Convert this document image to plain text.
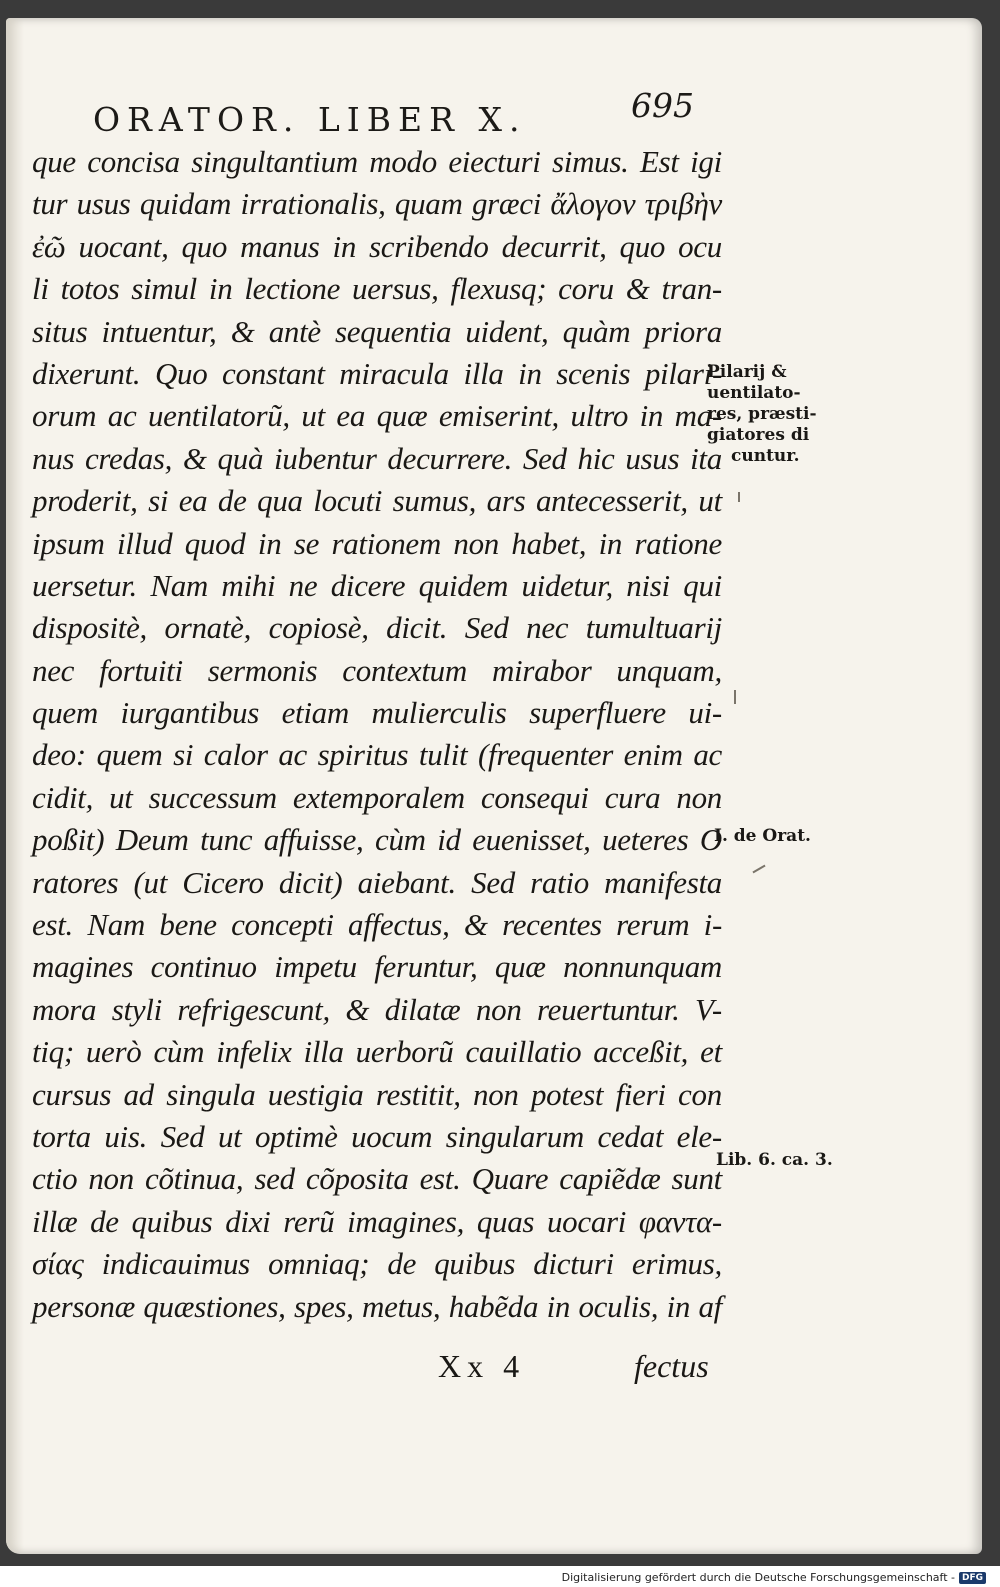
ORATOR. LIBER X.	695
que concisa singultantium modo eiecturi simus. Est igi
tur usus quidam irrationalis, quam græci ἄλογον τριβὴν
ἐῶ uocant, quo manus in scribendo decurrit, quo ocu
li totos simul in lectione uersus, flexusq; coru & tran-
situs intuentur, & antè sequentia uident, quàm priora
dixerunt. Quo constant miracula illa in scenis pilari-
orum ac uentilatorũ, ut ea quæ emiserint, ultro in ma-
nus credas, & quà iubentur decurrere. Sed hic usus ita
proderit, si ea de qua locuti sumus, ars antecesserit, ut
ipsum illud quod in se rationem non habet, in ratione
uersetur. Nam mihi ne dicere quidem uidetur, nisi qui
dispositè, ornatè, copiosè, dicit. Sed nec tumultuarij
nec fortuiti sermonis contextum mirabor unquam,
quem iurgantibus etiam mulierculis superfluere ui-
deo: quem si calor ac spiritus tulit (frequenter enim ac
cidit, ut successum extemporalem consequi cura non
poßit) Deum tunc affuisse, cùm id euenisset, ueteres O
ratores (ut Cicero dicit) aiebant. Sed ratio manifesta
est. Nam bene concepti affectus, & recentes rerum i-
magines continuo impetu feruntur, quæ nonnunquam
mora styli refrigescunt, & dilatæ non reuertuntur. V-
tiq; uerò cùm infelix illa uerborũ cauillatio acceßit, et
cursus ad singula uestigia restitit, non potest fieri con
torta uis. Sed ut optimè uocum singularum cedat ele-
ctio non cõtinua, sed cõposita est. Quare capiẽdæ sunt
illæ de quibus dixi rerũ imagines, quas uocari φαντα-
σίας indicauimus omniaq; de quibus dicturi erimus,
personæ quæstiones, spes, metus, habẽda in oculis, in af
Pilarij &
uentilato-
res, præsti-
giatores di
cuntur.
I. de Orat.
Lib. 6. ca. 3.
Xx 4	fectus
Digitalisierung gefördert durch die Deutsche Forschungsgemeinschaft - DFG
